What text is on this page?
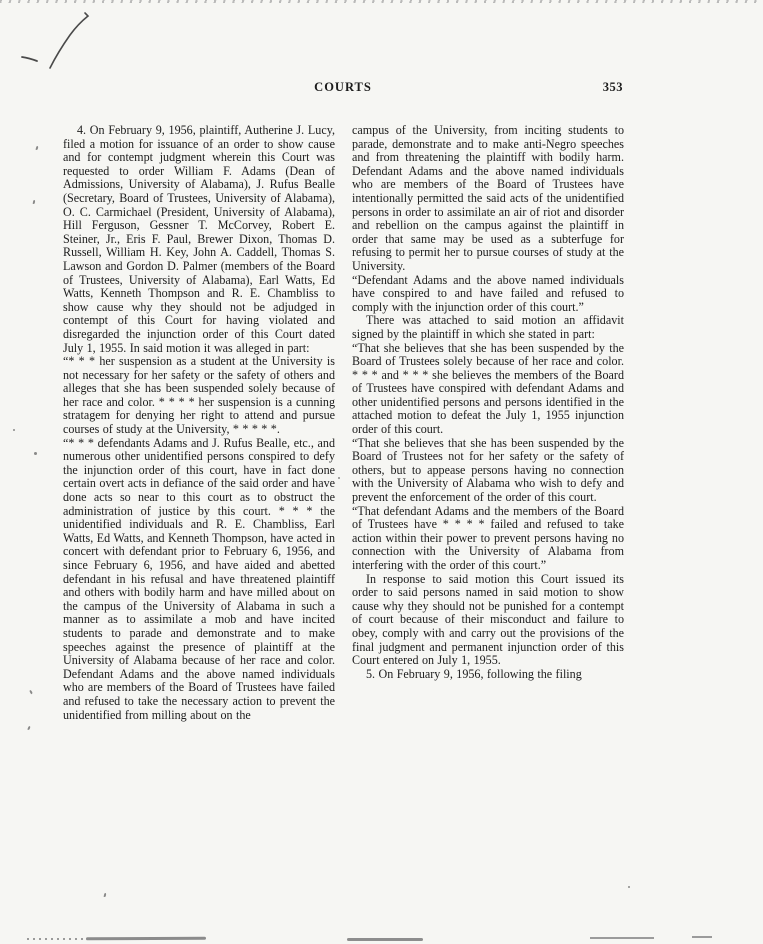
COURTS	353

4. On February 9, 1956, plaintiff, Autherine J. Lucy, filed a motion for issuance of an order to show cause and for contempt judgment wherein this Court was requested to order William F. Adams (Dean of Admissions, University of Alabama), J. Rufus Bealle (Secretary, Board of Trustees, University of Alabama), O. C. Carmichael (President, University of Alabama), Hill Ferguson, Gessner T. McCorvey, Robert E. Steiner, Jr., Eris F. Paul, Brewer Dixon, Thomas D. Russell, William H. Key, John A. Caddell, Thomas S. Lawson and Gordon D. Palmer (members of the Board of Trustees, University of Alabama), Earl Watts, Ed Watts, Kenneth Thompson and R. E. Chambliss to show cause why they should not be adjudged in contempt of this Court for having violated and disregarded the injunction order of this Court dated July 1, 1955. In said motion it was alleged in part:

“* * * her suspension as a student at the University is not necessary for her safety or the safety of others and alleges that she has been suspended solely because of her race and color. * * * * her suspension is a cunning stratagem for denying her right to attend and pursue courses of study at the University, * * * * *.

“* * * defendants Adams and J. Rufus Bealle, etc., and numerous other unidentified persons conspired to defy the injunction order of this court, have in fact done certain overt acts in defiance of the said order and have done acts so near to this court as to obstruct the administration of justice by this court. * * * the unidentified individuals and R. E. Chambliss, Earl Watts, Ed Watts, and Kenneth Thompson, have acted in concert with defendant prior to February 6, 1956, and since February 6, 1956, and have aided and abetted defendant in his refusal and have threatened plaintiff and others with bodily harm and have milled about on the campus of the University of Alabama in such a manner as to assimilate a mob and have incited students to parade and demonstrate and to make speeches against the presence of plaintiff at the University of Alabama because of her race and color. Defendant Adams and the above named individuals who are members of the Board of Trustees have failed and refused to take the necessary action to prevent the unidentified from milling about on the

campus of the University, from inciting students to parade, demonstrate and to make anti-Negro speeches and from threatening the plaintiff with bodily harm. Defendant Adams and the above named individuals who are members of the Board of Trustees have intentionally permitted the said acts of the unidentified persons in order to assimilate an air of riot and disorder and rebellion on the campus against the plaintiff in order that same may be used as a subterfuge for refusing to permit her to pursue courses of study at the University.

“Defendant Adams and the above named individuals have conspired to and have failed and refused to comply with the injunction order of this court.”

There was attached to said motion an affidavit signed by the plaintiff in which she stated in part:

“That she believes that she has been suspended by the Board of Trustees solely because of her race and color. * * * and * * * she believes the members of the Board of Trustees have conspired with defendant Adams and other unidentified persons and persons identified in the attached motion to defeat the July 1, 1955 injunction order of this court.

“That she believes that she has been suspended by the Board of Trustees not for her safety or the safety of others, but to appease persons having no connection with the University of Alabama who wish to defy and prevent the enforcement of the order of this court.

“That defendant Adams and the members of the Board of Trustees have * * * * failed and refused to take action within their power to prevent persons having no connection with the University of Alabama from interfering with the order of this court.”

In response to said motion this Court issued its order to said persons named in said motion to show cause why they should not be punished for a contempt of court because of their misconduct and failure to obey, comply with and carry out the provisions of the final judgment and permanent injunction order of this Court entered on July 1, 1955.

5. On February 9, 1956, following the filing
